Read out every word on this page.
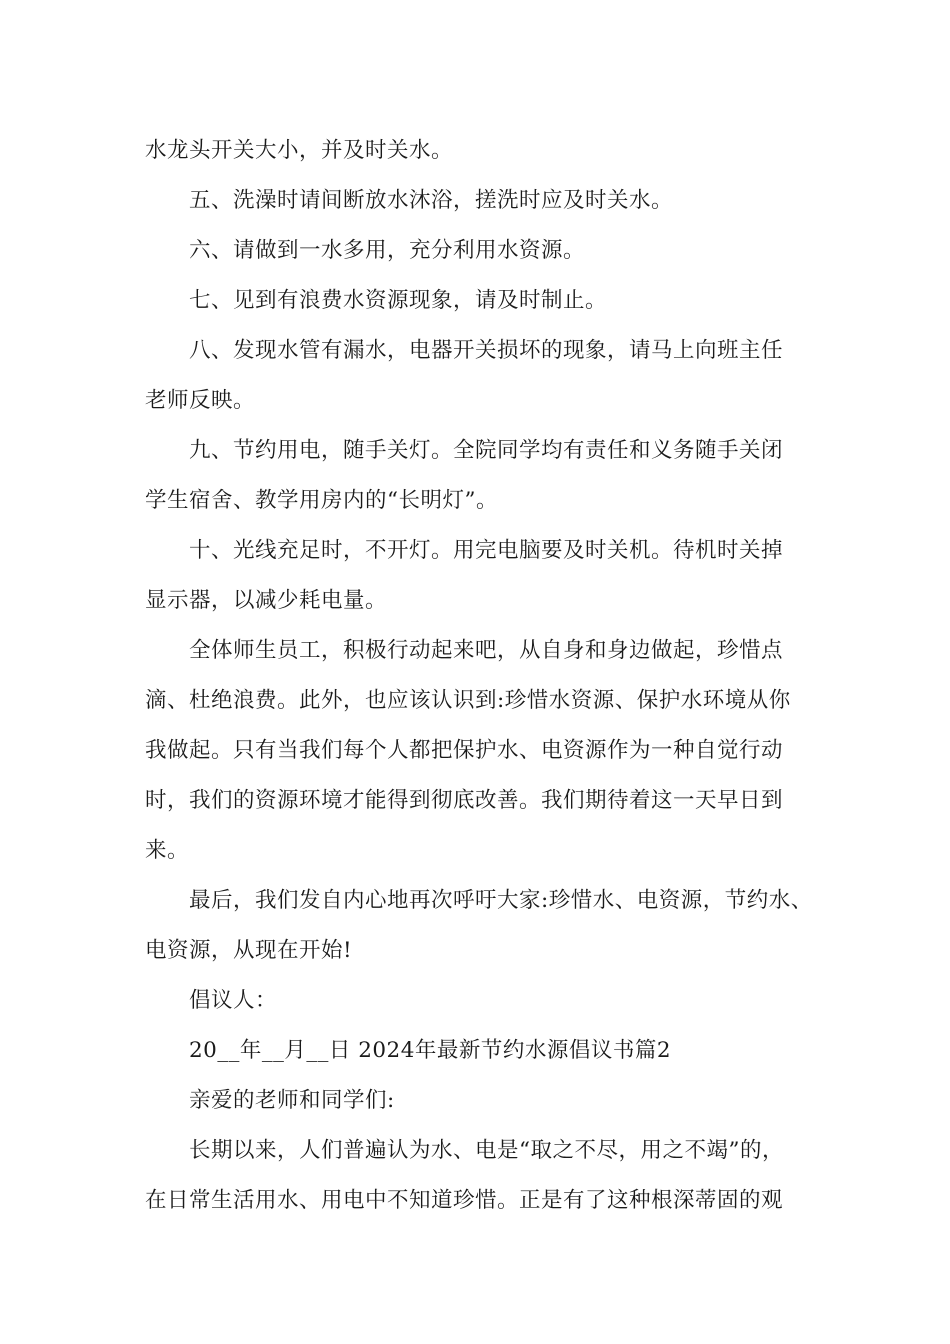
水龙头开关大小，并及时关水。

五、洗澡时请间断放水沐浴，搓洗时应及时关水。

六、请做到一水多用，充分利用水资源。

七、见到有浪费水资源现象，请及时制止。

八、发现水管有漏水，电器开关损坏的现象，请马上向班主任

老师反映。

九、节约用电，随手关灯。全院同学均有责任和义务随手关闭

学生宿舍、教学用房内的“长明灯”。

十、光线充足时，不开灯。用完电脑要及时关机。待机时关掉

显示器，以减少耗电量。

全体师生员工，积极行动起来吧，从自身和身边做起，珍惜点

滴、杜绝浪费。此外，也应该认识到:珍惜水资源、保护水环境从你

我做起。只有当我们每个人都把保护水、电资源作为一种自觉行动

时，我们的资源环境才能得到彻底改善。我们期待着这一天早日到

来。

最后，我们发自内心地再次呼吁大家:珍惜水、电资源，节约水、

电资源，从现在开始!

倡议人：

20__年__月__日 2024年最新节约水源倡议书篇2

亲爱的老师和同学们:

长期以来，人们普遍认为水、电是“取之不尽，用之不竭”的，

在日常生活用水、用电中不知道珍惜。正是有了这种根深蒂固的观
